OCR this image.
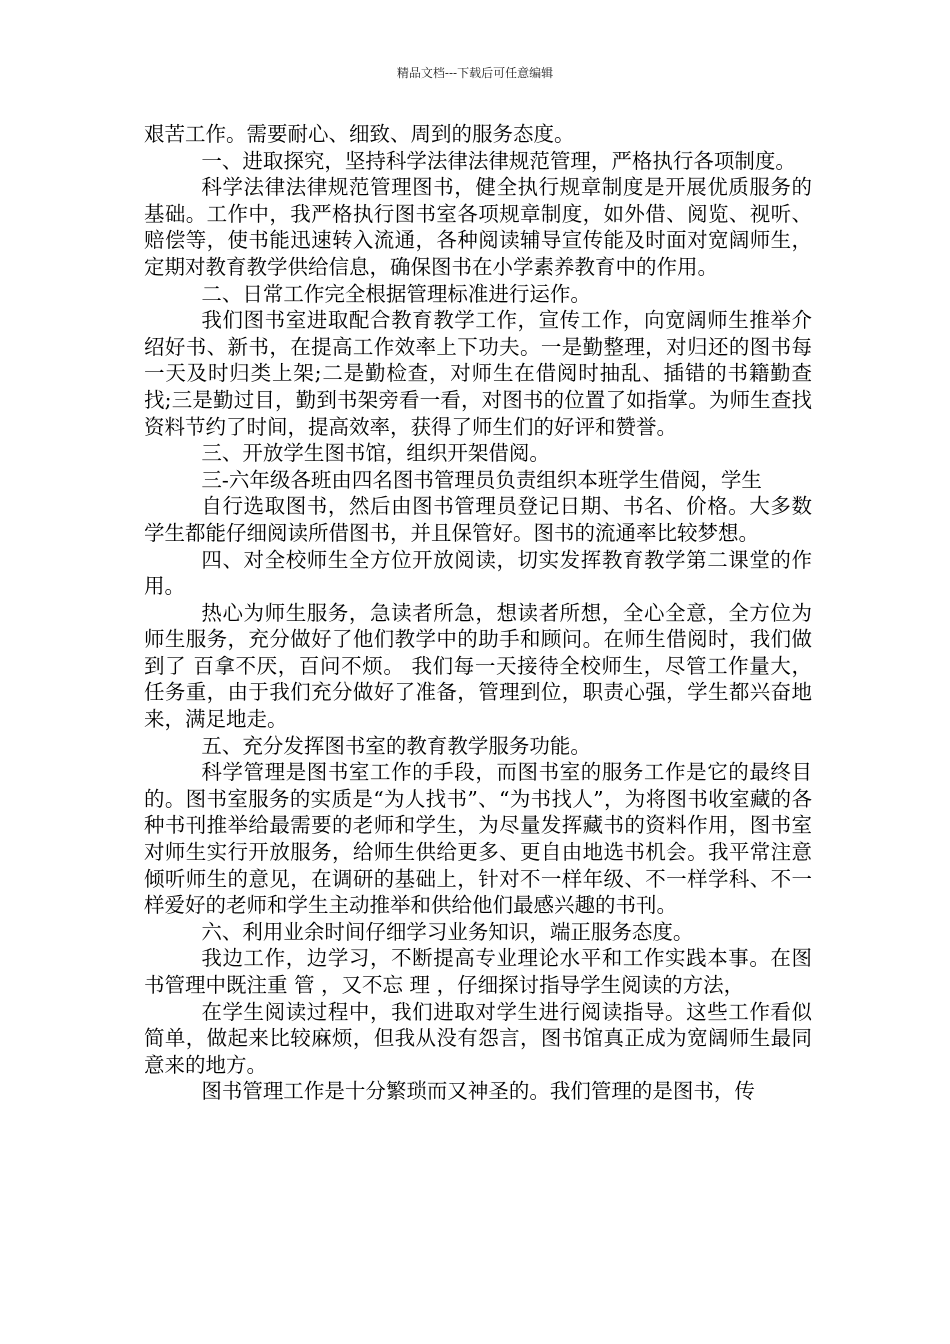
精品文档---下载后可任意编辑

艰苦工作。需要耐心、细致、周到的服务态度。

一、进取探究，坚持科学法律法律规范管理，严格执行各项制度。

科学法律法律规范管理图书，健全执行规章制度是开展优质服务的基础。工作中，我严格执行图书室各项规章制度，如外借、阅览、视听、赔偿等，使书能迅速转入流通，各种阅读辅导宣传能及时面对宽阔师生，定期对教育教学供给信息，确保图书在小学素养教育中的作用。

二、日常工作完全根据管理标准进行运作。

我们图书室进取配合教育教学工作，宣传工作，向宽阔师生推举介绍好书、新书，在提高工作效率上下功夫。一是勤整理，对归还的图书每一天及时归类上架;二是勤检查，对师生在借阅时抽乱、插错的书籍勤查找;三是勤过目，勤到书架旁看一看，对图书的位置了如指掌。为师生查找资料节约了时间，提高效率，获得了师生们的好评和赞誉。

三、开放学生图书馆，组织开架借阅。

三-六年级各班由四名图书管理员负责组织本班学生借阅，学生

自行选取图书，然后由图书管理员登记日期、书名、价格。大多数学生都能仔细阅读所借图书，并且保管好。图书的流通率比较梦想。

四、对全校师生全方位开放阅读，切实发挥教育教学第二课堂的作用。

热心为师生服务，急读者所急，想读者所想，全心全意，全方位为师生服务，充分做好了他们教学中的助手和顾问。在师生借阅时，我们做到了 百拿不厌，百问不烦。 我们每一天接待全校师生，尽管工作量大，任务重，由于我们充分做好了准备，管理到位，职责心强，学生都兴奋地来，满足地走。

五、充分发挥图书室的教育教学服务功能。

科学管理是图书室工作的手段，而图书室的服务工作是它的最终目的。图书室服务的实质是“为人找书”、“为书找人”，为将图书收室藏的各种书刊推举给最需要的老师和学生，为尽量发挥藏书的资料作用，图书室对师生实行开放服务，给师生供给更多、更自由地选书机会。我平常注意倾听师生的意见，在调研的基础上，针对不一样年级、不一样学科、不一样爱好的老师和学生主动推举和供给他们最感兴趣的书刊。

六、利用业余时间仔细学习业务知识，端正服务态度。

我边工作，边学习，不断提高专业理论水平和工作实践本事。在图书管理中既注重 管 ，又不忘 理 ，仔细探讨指导学生阅读的方法，

在学生阅读过程中，我们进取对学生进行阅读指导。这些工作看似简单，做起来比较麻烦，但我从没有怨言，图书馆真正成为宽阔师生最同意来的地方。

图书管理工作是十分繁琐而又神圣的。我们管理的是图书，传
